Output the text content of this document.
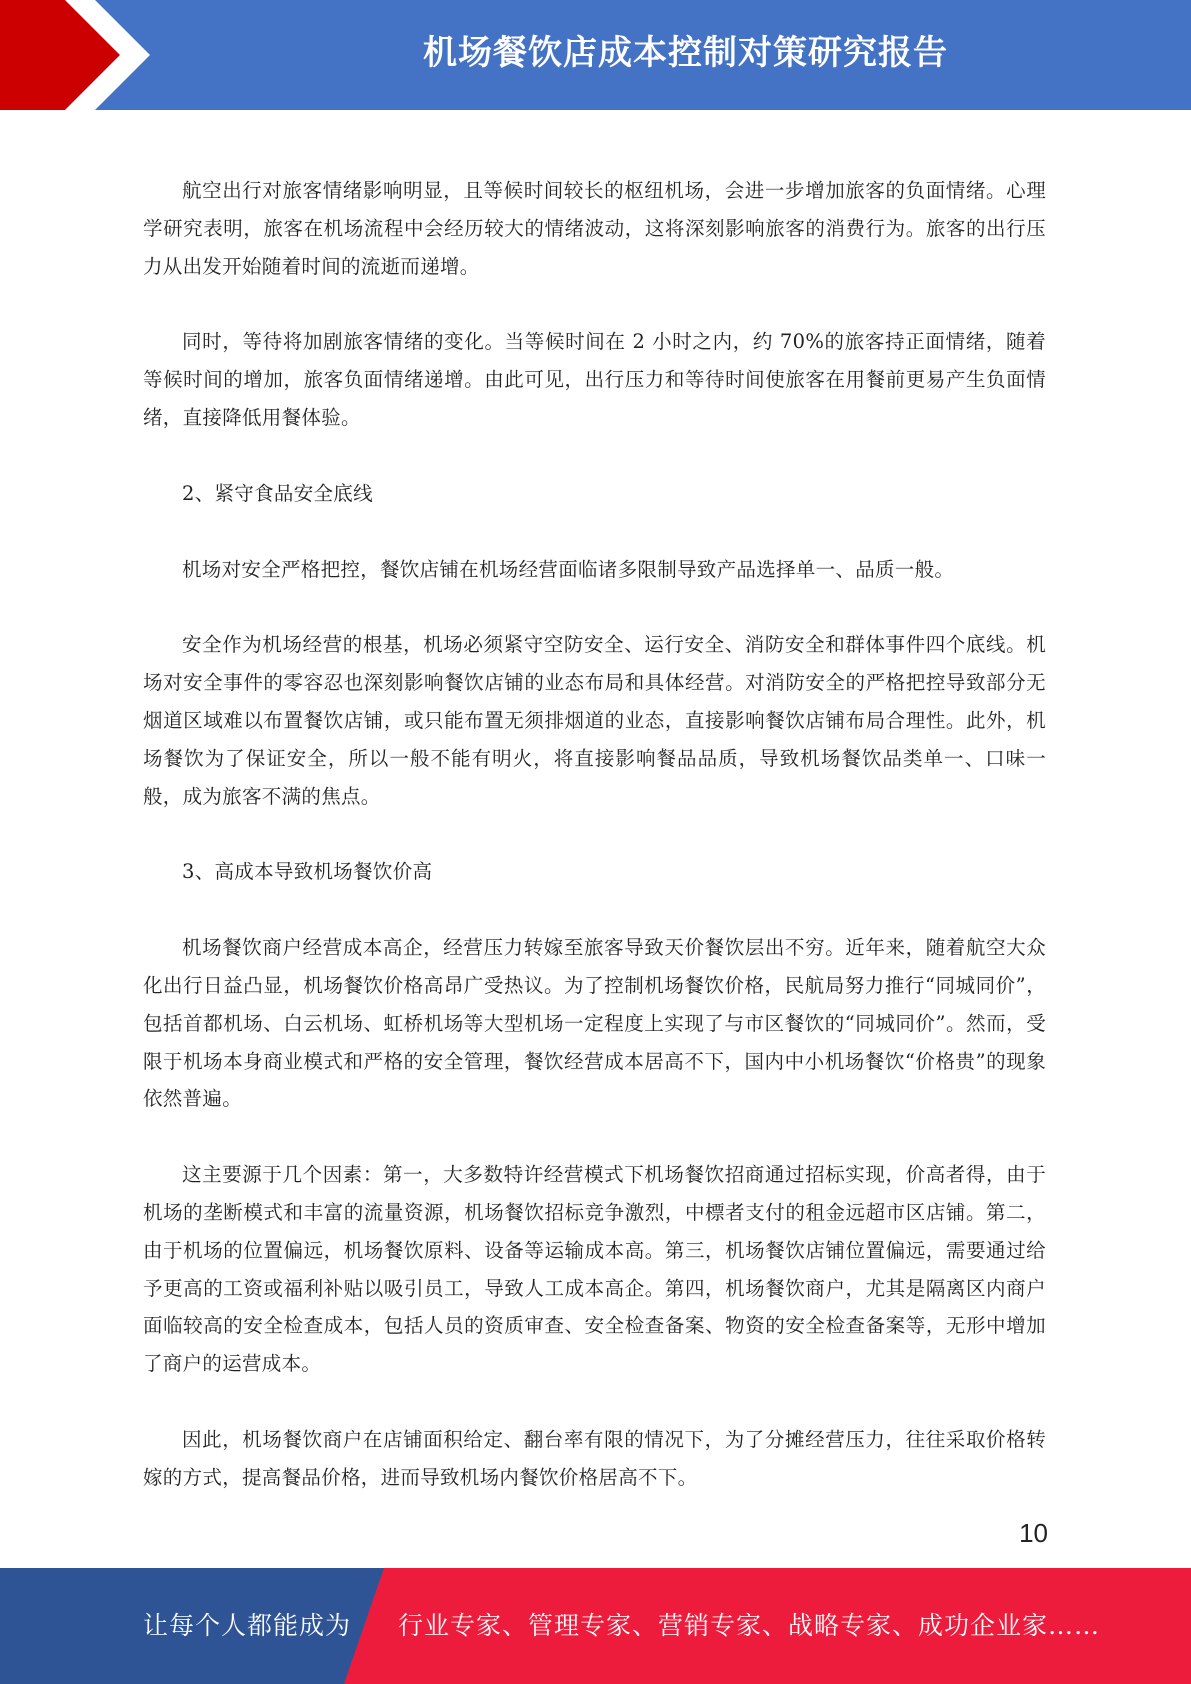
机场餐饮店成本控制对策研究报告

航空出行对旅客情绪影响明显，且等候时间较长的枢纽机场，会进一步增加旅客的负面情绪。心理学研究表明，旅客在机场流程中会经历较大的情绪波动，这将深刻影响旅客的消费行为。旅客的出行压力从出发开始随着时间的流逝而递增。

同时，等待将加剧旅客情绪的变化。当等候时间在 2 小时之内，约 70%的旅客持正面情绪，随着等候时间的增加，旅客负面情绪递增。由此可见，出行压力和等待时间使旅客在用餐前更易产生负面情绪，直接降低用餐体验。

2、紧守食品安全底线

机场对安全严格把控，餐饮店铺在机场经营面临诸多限制导致产品选择单一、品质一般。

安全作为机场经营的根基，机场必须紧守空防安全、运行安全、消防安全和群体事件四个底线。机场对安全事件的零容忍也深刻影响餐饮店铺的业态布局和具体经营。对消防安全的严格把控导致部分无烟道区域难以布置餐饮店铺，或只能布置无须排烟道的业态，直接影响餐饮店铺布局合理性。此外，机场餐饮为了保证安全，所以一般不能有明火，将直接影响餐品品质，导致机场餐饮品类单一、口味一般，成为旅客不满的焦点。

3、高成本导致机场餐饮价高

机场餐饮商户经营成本高企，经营压力转嫁至旅客导致天价餐饮层出不穷。近年来，随着航空大众化出行日益凸显，机场餐饮价格高昂广受热议。为了控制机场餐饮价格，民航局努力推行“同城同价”，包括首都机场、白云机场、虹桥机场等大型机场一定程度上实现了与市区餐饮的“同城同价”。然而，受限于机场本身商业模式和严格的安全管理，餐饮经营成本居高不下，国内中小机场餐饮“价格贵”的现象依然普遍。

这主要源于几个因素：第一，大多数特许经营模式下机场餐饮招商通过招标实现，价高者得，由于机场的垄断模式和丰富的流量资源，机场餐饮招标竞争激烈，中標者支付的租金远超市区店铺。第二，由于机场的位置偏远，机场餐饮原料、设备等运输成本高。第三，机场餐饮店铺位置偏远，需要通过给予更高的工资或福利补贴以吸引员工，导致人工成本高企。第四，机场餐饮商户，尤其是隔离区内商户面临较高的安全检查成本，包括人员的资质审查、安全检查备案、物资的安全检查备案等，无形中增加了商户的运营成本。

因此，机场餐饮商户在店铺面积给定、翻台率有限的情况下，为了分摊经营压力，往往采取价格转嫁的方式，提高餐品价格，进而导致机场内餐饮价格居高不下。

10
让每个人都能成为 行业专家、管理专家、营销专家、战略专家、成功企业家……
